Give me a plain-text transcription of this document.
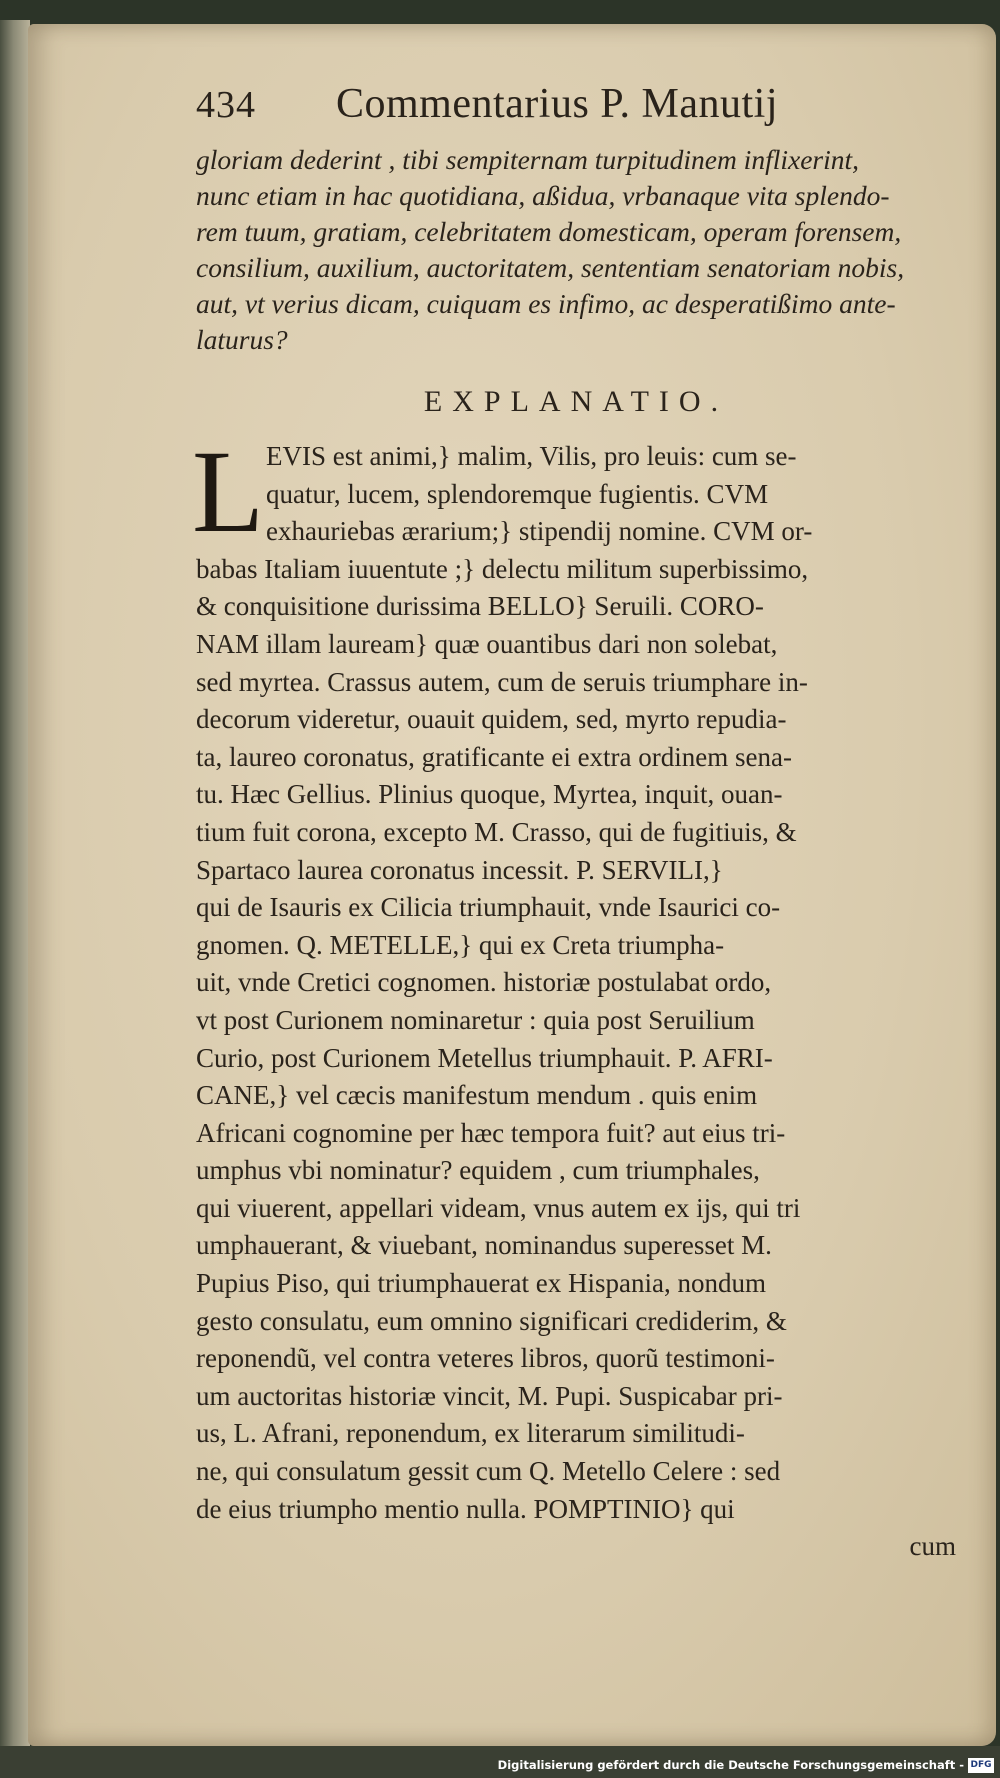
434	Commentarius P. Manutij
gloriam dederint , tibi sempiternam turpitudinem inflixerint,
nunc etiam in hac quotidiana, aßidua, vrbanaque vita splendo-
rem tuum, gratiam, celebritatem domesticam, operam forensem,
consilium, auxilium, auctoritatem, sententiam senatoriam nobis,
aut, vt verius dicam, cuiquam es infimo, ac desperatißimo ante-
laturus?
EXPLANATIO.
L EVIS est animi,} malim, Vilis, pro leuis: cum se-
quatur, lucem, splendoremque fugientis. CVM
exhauriebas ærarium;} stipendij nomine. CVM or-
babas Italiam iuuentute ;} delectu militum superbissimo,
& conquisitione durissima BELLO} Seruili. CORO-
NAM illam lauream} quæ ouantibus dari non solebat,
sed myrtea. Crassus autem, cum de seruis triumphare in-
decorum videretur, ouauit quidem, sed, myrto repudia-
ta, laureo coronatus, gratificante ei extra ordinem sena-
tu. Hæc Gellius. Plinius quoque, Myrtea, inquit, ouan-
tium fuit corona, excepto M. Crasso, qui de fugitiuis, &
Spartaco laurea coronatus incessit. P. SERVILI,}
qui de Isauris ex Cilicia triumphauit, vnde Isaurici co-
gnomen. Q. METELLE,} qui ex Creta triumpha-
uit, vnde Cretici cognomen. historiæ postulabat ordo,
vt post Curionem nominaretur : quia post Seruilium
Curio, post Curionem Metellus triumphauit. P. AFRI-
CANE,} vel cæcis manifestum mendum . quis enim
Africani cognomine per hæc tempora fuit? aut eius tri-
umphus vbi nominatur? equidem , cum triumphales,
qui viuerent, appellari videam, vnus autem ex ijs, qui tri
umphauerant, & viuebant, nominandus superesset M.
Pupius Piso, qui triumphauerat ex Hispania, nondum
gesto consulatu, eum omnino significari crediderim, &
reponendũ, vel contra veteres libros, quorũ testimoni-
um auctoritas historiæ vincit, M. Pupi. Suspicabar pri-
us, L. Afrani, reponendum, ex literarum similitudi-
ne, qui consulatum gessit cum Q. Metello Celere : sed
de eius triumpho mentio nulla. POMPTINIO} qui
cum
Digitalisierung gefördert durch die Deutsche Forschungsgemeinschaft - DFG
